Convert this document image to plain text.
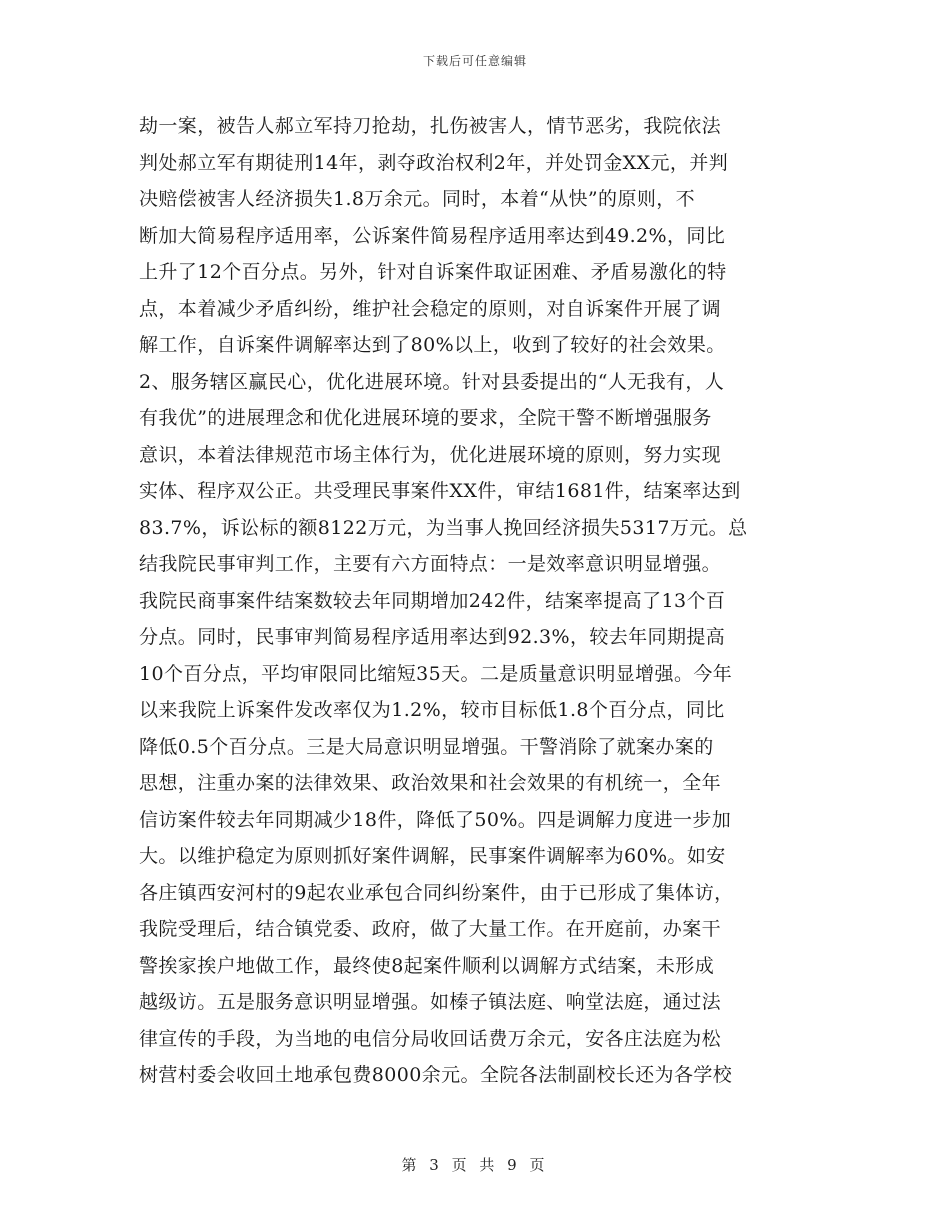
下载后可任意编辑
劫一案，被告人郝立军持刀抢劫，扎伤被害人，情节恶劣，我院依法
判处郝立军有期徒刑14年，剥夺政治权利2年，并处罚金XX元，并判
决赔偿被害人经济损失1.8万余元。同时，本着“从快”的原则，不
断加大简易程序适用率，公诉案件简易程序适用率达到49.2%，同比
上升了12个百分点。另外，针对自诉案件取证困难、矛盾易激化的特
点，本着减少矛盾纠纷，维护社会稳定的原则，对自诉案件开展了调
解工作，自诉案件调解率达到了80%以上，收到了较好的社会效果。
2、服务辖区赢民心，优化进展环境。针对县委提出的“人无我有，人
有我优”的进展理念和优化进展环境的要求，全院干警不断增强服务
意识，本着法律规范市场主体行为，优化进展环境的原则，努力实现
实体、程序双公正。共受理民事案件XX件，审结1681件，结案率达到
83.7%，诉讼标的额8122万元，为当事人挽回经济损失5317万元。总
结我院民事审判工作，主要有六方面特点：一是效率意识明显增强。
我院民商事案件结案数较去年同期增加242件，结案率提高了13个百
分点。同时，民事审判简易程序适用率达到92.3%，较去年同期提高
10个百分点，平均审限同比缩短35天。二是质量意识明显增强。今年
以来我院上诉案件发改率仅为1.2%，较市目标低1.8个百分点，同比
降低0.5个百分点。三是大局意识明显增强。干警消除了就案办案的
思想，注重办案的法律效果、政治效果和社会效果的有机统一，全年
信访案件较去年同期减少18件，降低了50%。四是调解力度进一步加
大。以维护稳定为原则抓好案件调解，民事案件调解率为60%。如安
各庄镇西安河村的9起农业承包合同纠纷案件，由于已形成了集体访，
我院受理后，结合镇党委、政府，做了大量工作。在开庭前，办案干
警挨家挨户地做工作，最终使8起案件顺利以调解方式结案，未形成
越级访。五是服务意识明显增强。如榛子镇法庭、响堂法庭，通过法
律宣传的手段，为当地的电信分局收回话费万余元，安各庄法庭为松
树营村委会收回土地承包费8000余元。全院各法制副校长还为各学校
第 3 页 共 9 页
